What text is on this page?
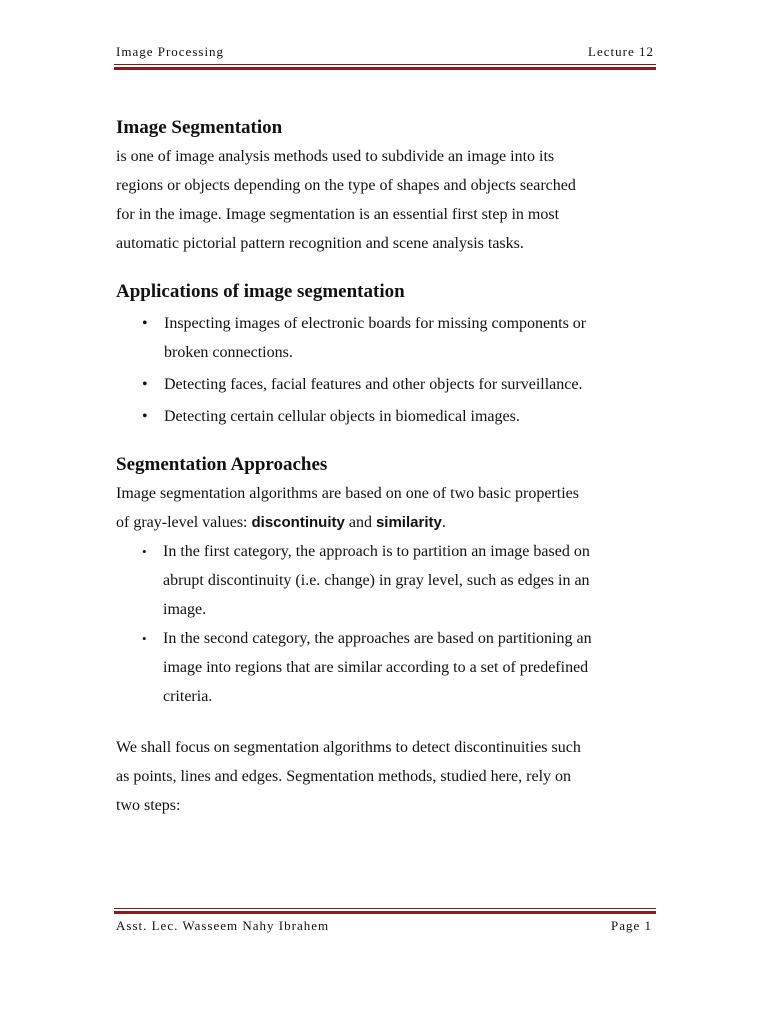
Image Processing	Lecture 12
Image Segmentation

is one of image analysis methods used to subdivide an image into its
regions or objects depending on the type of shapes and objects searched
for in the image. Image segmentation is an essential first step in most
automatic pictorial pattern recognition and scene analysis tasks.

Applications of image segmentation
• Inspecting images of electronic boards for missing components or
broken connections.
• Detecting faces, facial features and other objects for surveillance.
• Detecting certain cellular objects in biomedical images.
Segmentation Approaches

Image segmentation algorithms are based on one of two basic properties
of gray-level values: discontinuity and similarity.

• In the first category, the approach is to partition an image based on
abrupt discontinuity (i.e. change) in gray level, such as edges in an
image.
• In the second category, the approaches are based on partitioning an
image into regions that are similar according to a set of predefined
criteria.

We shall focus on segmentation algorithms to detect discontinuities such
as points, lines and edges. Segmentation methods, studied here, rely on
two steps:

Asst. Lec. Wasseem Nahy Ibrahem	Page 1
